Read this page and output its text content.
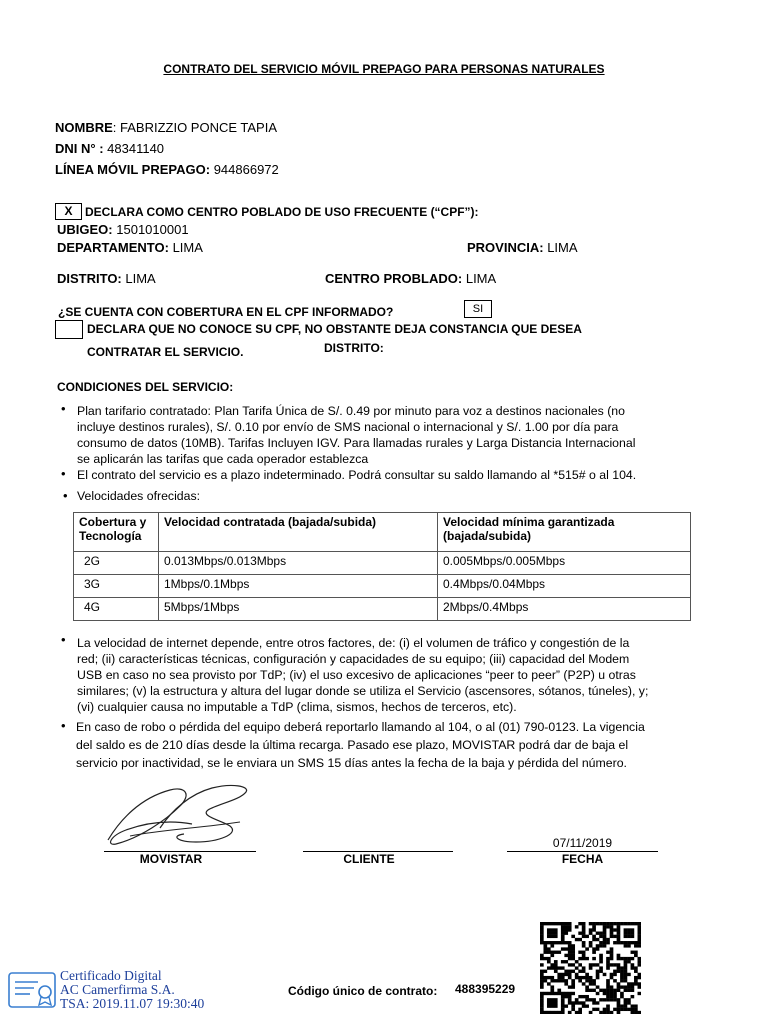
CONTRATO DEL SERVICIO MÓVIL PREPAGO PARA PERSONAS NATURALES
NOMBRE: FABRIZZIO PONCE TAPIA
DNI N° : 48341140
LÍNEA MÓVIL PREPAGO: 944866972
X	DECLARA COMO CENTRO POBLADO DE USO FRECUENTE (“CPF”):
UBIGEO: 1501010001
DEPARTAMENTO: LIMA	PROVINCIA: LIMA
DISTRITO: LIMA	CENTRO PROBLADO: LIMA
¿SE CUENTA CON COBERTURA EN EL CPF INFORMADO?	SI
DECLARA QUE NO CONOCE SU CPF, NO OBSTANTE DEJA CONSTANCIA QUE DESEA
CONTRATAR EL SERVICIO.	DISTRITO:
CONDICIONES DEL SERVICIO:
• Plan tarifario contratado: Plan Tarifa Única de S/. 0.49 por minuto para voz a destinos nacionales (no
incluye destinos rurales), S/. 0.10 por envío de SMS nacional o internacional y S/. 1.00 por día para
consumo de datos (10MB). Tarifas Incluyen IGV. Para llamadas rurales y Larga Distancia Internacional
se aplicarán las tarifas que cada operador establezca
• El contrato del servicio es a plazo indeterminado. Podrá consultar su saldo llamando al *515# o al 104.
• Velocidades ofrecidas:
Cobertura y Tecnología	Velocidad contratada (bajada/subida)	Velocidad mínima garantizada (bajada/subida)
2G	0.013Mbps/0.013Mbps	0.005Mbps/0.005Mbps
3G	1Mbps/0.1Mbps	0.4Mbps/0.04Mbps
4G	5Mbps/1Mbps	2Mbps/0.4Mbps
• La velocidad de internet depende, entre otros factores, de: (i) el volumen de tráfico y congestión de la
red; (ii) características técnicas, configuración y capacidades de su equipo; (iii) capacidad del Modem
USB en caso no sea provisto por TdP; (iv) el uso excesivo de aplicaciones “peer to peer” (P2P) u otras
similares; (v) la estructura y altura del lugar donde se utiliza el Servicio (ascensores, sótanos, túneles), y;
(vi) cualquier causa no imputable a TdP (clima, sismos, hechos de terceros, etc).
• En caso de robo o pérdida del equipo deberá reportarlo llamando al 104, o al (01) 790-0123. La vigencia
del saldo es de 210 días desde la última recarga. Pasado ese plazo, MOVISTAR podrá dar de baja el
servicio por inactividad, se le enviara un SMS 15 días antes la fecha de la baja y pérdida del número.
07/11/2019
MOVISTAR	CLIENTE	FECHA
Certificado Digital
AC Camerfirma S.A.
TSA: 2019.11.07 19:30:40
Código único de contrato: 488395229
